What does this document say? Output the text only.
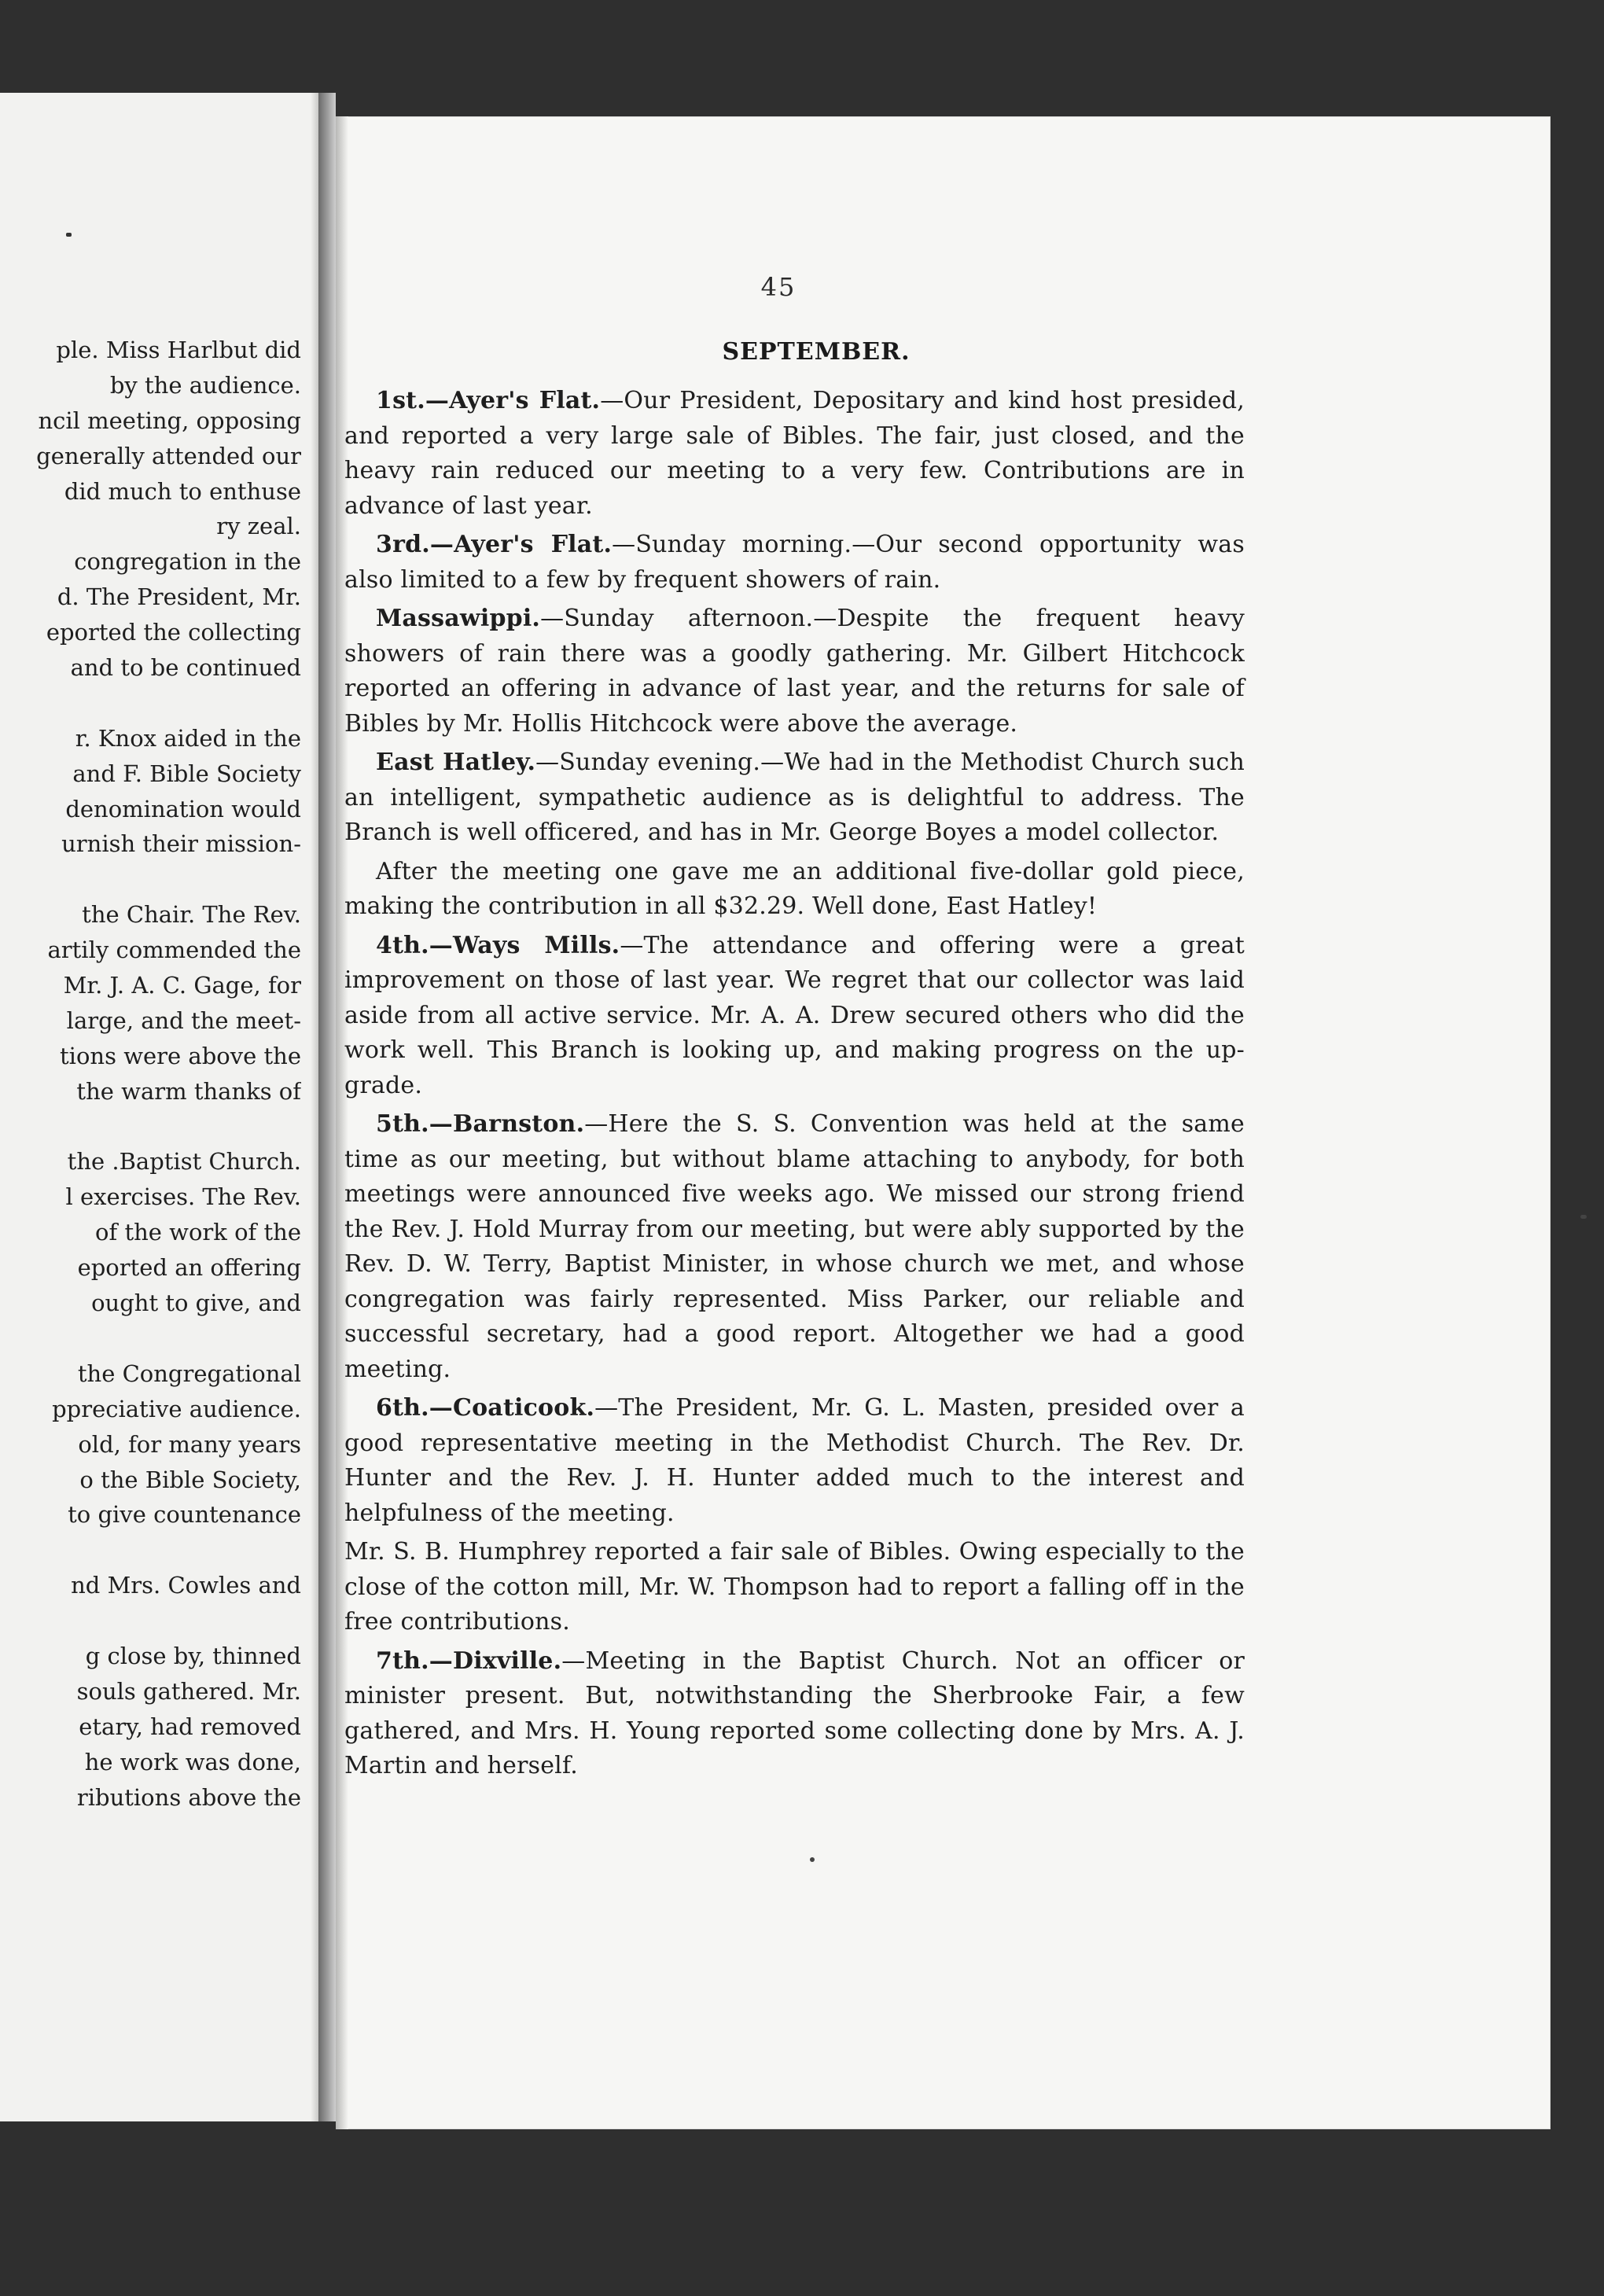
ple. Miss Harlbut did
by the audience.
ncil meeting, opposing
generally attended our
did much to enthuse
ry zeal.
congregation in the
d. The President, Mr.
eported the collecting
and to be continued
r. Knox aided in the
and F. Bible Society
denomination would
urnish their mission-
the Chair. The Rev.
artily commended the
Mr. J. A. C. Gage, for
large, and the meet-
tions were above the
the warm thanks of
the .Baptist Church.
l exercises. The Rev.
of the work of the
eported an offering
ought to give, and
the Congregational
ppreciative audience.
old, for many years
o the Bible Society,
to give countenance
nd Mrs. Cowles and
g close by, thinned
souls gathered. Mr.
etary, had removed
he work was done,
ributions above the
45
SEPTEMBER.

1st.—Ayer's Flat.—Our President, Depositary and kind host presided, and reported a very large sale of Bibles. The fair, just closed, and the heavy rain reduced our meeting to a very few. Contributions are in advance of last year.

3rd.—Ayer's Flat.—Sunday morning.—Our second opportunity was also limited to a few by frequent showers of rain.

Massawippi.—Sunday afternoon.—Despite the frequent heavy showers of rain there was a goodly gathering. Mr. Gilbert Hitchcock reported an offering in advance of last year, and the returns for sale of Bibles by Mr. Hollis Hitchcock were above the average.

East Hatley.—Sunday evening.—We had in the Methodist Church such an intelligent, sympathetic audience as is delightful to address. The Branch is well officered, and has in Mr. George Boyes a model collector.

After the meeting one gave me an additional five-dollar gold piece, making the contribution in all $32.29. Well done, East Hatley!

4th.—Ways Mills.—The attendance and offering were a great improvement on those of last year. We regret that our collector was laid aside from all active service. Mr. A. A. Drew secured others who did the work well. This Branch is looking up, and making progress on the up-grade.

5th.—Barnston.—Here the S. S. Convention was held at the same time as our meeting, but without blame attaching to anybody, for both meetings were announced five weeks ago. We missed our strong friend the Rev. J. Hold Murray from our meeting, but were ably supported by the Rev. D. W. Terry, Baptist Minister, in whose church we met, and whose congregation was fairly represented. Miss Parker, our reliable and successful secretary, had a good report. Altogether we had a good meeting.

6th.—Coaticook.—The President, Mr. G. L. Masten, presided over a good representative meeting in the Methodist Church. The Rev. Dr. Hunter and the Rev. J. H. Hunter added much to the interest and helpfulness of the meeting.

Mr. S. B. Humphrey reported a fair sale of Bibles. Owing especially to the close of the cotton mill, Mr. W. Thompson had to report a falling off in the free contributions.

7th.—Dixville.—Meeting in the Baptist Church. Not an officer or minister present. But, notwithstanding the Sherbrooke Fair, a few gathered, and Mrs. H. Young reported some collecting done by Mrs. A. J. Martin and herself.
